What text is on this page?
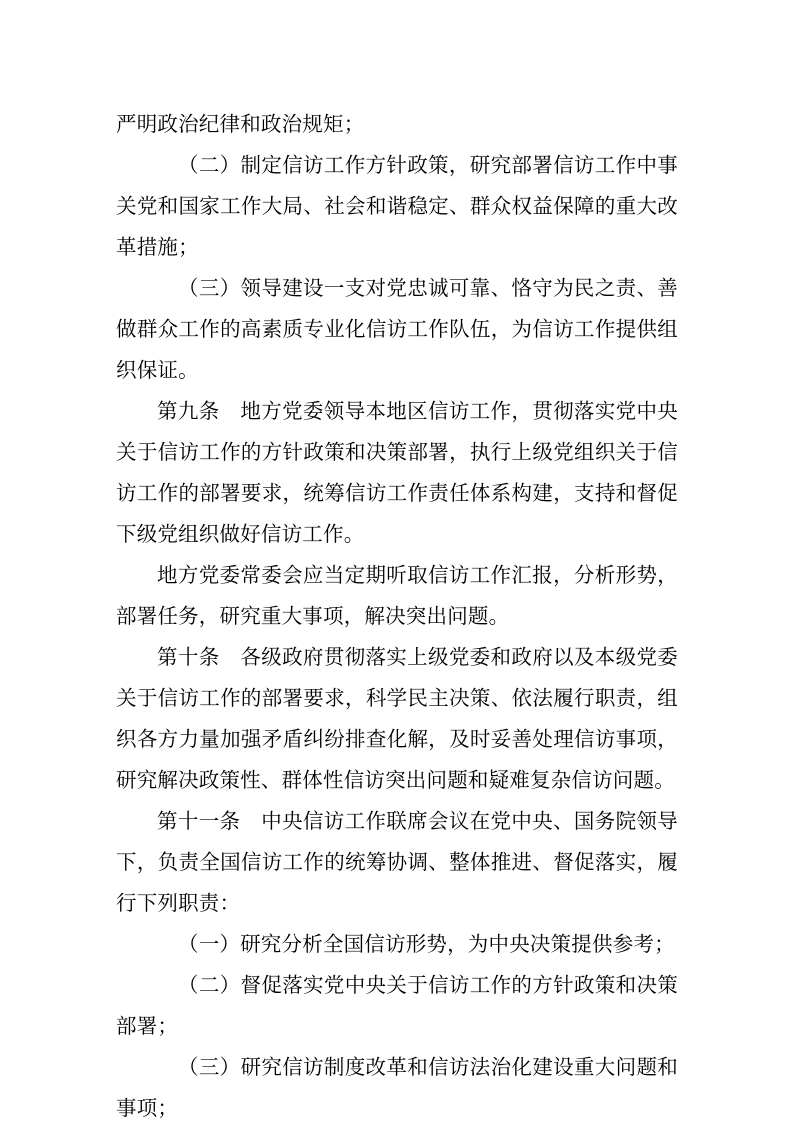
严明政治纪律和政治规矩；

（二）制定信访工作方针政策，研究部署信访工作中事关党和国家工作大局、社会和谐稳定、群众权益保障的重大改革措施；

（三）领导建设一支对党忠诚可靠、恪守为民之责、善做群众工作的高素质专业化信访工作队伍，为信访工作提供组织保证。

第九条　地方党委领导本地区信访工作，贯彻落实党中央关于信访工作的方针政策和决策部署，执行上级党组织关于信访工作的部署要求，统筹信访工作责任体系构建，支持和督促下级党组织做好信访工作。

地方党委常委会应当定期听取信访工作汇报，分析形势，部署任务，研究重大事项，解决突出问题。

第十条　各级政府贯彻落实上级党委和政府以及本级党委关于信访工作的部署要求，科学民主决策、依法履行职责，组织各方力量加强矛盾纠纷排查化解，及时妥善处理信访事项，研究解决政策性、群体性信访突出问题和疑难复杂信访问题。

第十一条　中央信访工作联席会议在党中央、国务院领导下，负责全国信访工作的统筹协调、整体推进、督促落实，履行下列职责：

（一）研究分析全国信访形势，为中央决策提供参考；

（二）督促落实党中央关于信访工作的方针政策和决策部署；

（三）研究信访制度改革和信访法治化建设重大问题和事项；
